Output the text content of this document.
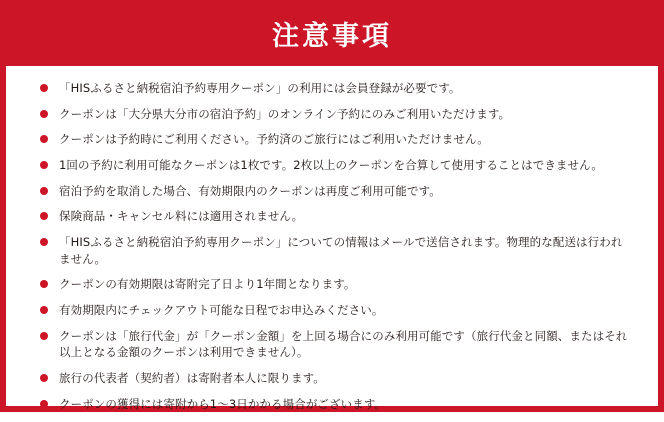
注意事項
「HISふるさと納税宿泊予約専用クーポン」の利用には会員登録が必要です。
クーポンは「大分県大分市の宿泊予約」のオンライン予約にのみご利用いただけます。
クーポンは予約時にご利用ください。予約済のご旅行にはご利用いただけません。
1回の予約に利用可能なクーポンは1枚です。2枚以上のクーポンを合算して使用することはできません。
宿泊予約を取消した場合、有効期限内のクーポンは再度ご利用可能です。
保険商品・キャンセル料には適用されません。
「HISふるさと納税宿泊予約専用クーポン」についての情報はメールで送信されます。物理的な配送は行われません。
クーポンの有効期限は寄附完了日より1年間となります。
有効期限内にチェックアウト可能な日程でお申込みください。
クーポンは「旅行代金」が「クーポン金額」を上回る場合にのみ利用可能です（旅行代金と同額、またはそれ以上となる金額のクーポンは利用できません）。
旅行の代表者（契約者）は寄附者本人に限ります。
クーポンの獲得には寄附から1〜3日かかる場合がございます。
